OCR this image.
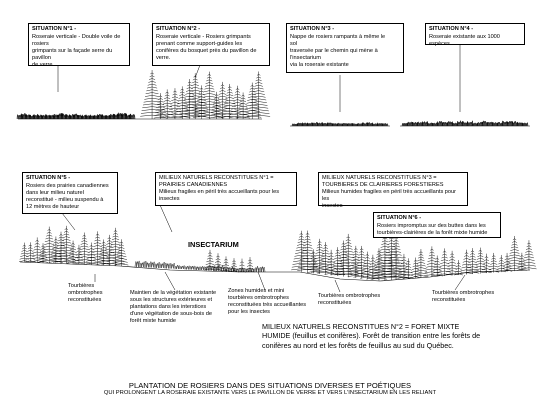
SITUATION N°1 -
Roseraie verticale - Double voile de
rosiers
grimpants sur la façade serre du pavillon
de verre.
SITUATION N°2 -
Roseraie verticale - Rosiers grimpants
prenant comme support-guides les
conifères du bosquet près du pavillon de
verre.
SITUATION N°3 -
Nappe de rosiers rampants à même le
sol
traversée par le chemin qui mène à
l'insectarium
via la roseraie existante
SITUATION N°4 -
Roseraie existante aux 1000
espèces
SITUATION N°5 -
Rosiers des prairies canadiennes
dans leur milieu naturel
reconstitué - milieu suspendu à
12 mètres de hauteur
MILIEUX NATURELS RECONSTITUES N°1 =
PRAIRIES CANADIENNES
Milieux fragiles en péril très accueillants pour les
insectes
MILIEUX NATURELS RECONSTITUES N°3 =
TOURBIERES DE CLAIRIERES FORESTIERES
Milieux humides fragiles en péril très accueillants pour les
insectes
SITUATION N°6 -
Rosiers impromptus sur des buttes dans les
tourbières-clairières de la forêt mixte humide
INSECTARIUM
Tourbières
ombrotrophes
reconstituées
Maintien de la végétation existante
sous les structures extérieures et
plantations dans les interstices
d'une végétation de sous-bois de
forêt mixte humide
Zones humides et mini
tourbières ombrotrophes
reconstituées très accueillantes
pour les insectes
Tourbières ombrotrophes
reconstituées
Tourbières ombrotrophes
reconstituées
MILIEUX NATURELS RECONSTITUES N°2 = FORET MIXTE
HUMIDE (feuillus et conifères). Forêt de transition entre les forêts de
conifères au nord et les forêts de feuillus au sud du Québec.
PLANTATION DE ROSIERS DANS DES SITUATIONS DIVERSES ET POÉTIQUES
QUI PROLONGENT LA ROSERAIE EXISTANTE VERS LE PAVILLON DE VERRE ET VERS L'INSECTARIUM EN LES RELIANT
